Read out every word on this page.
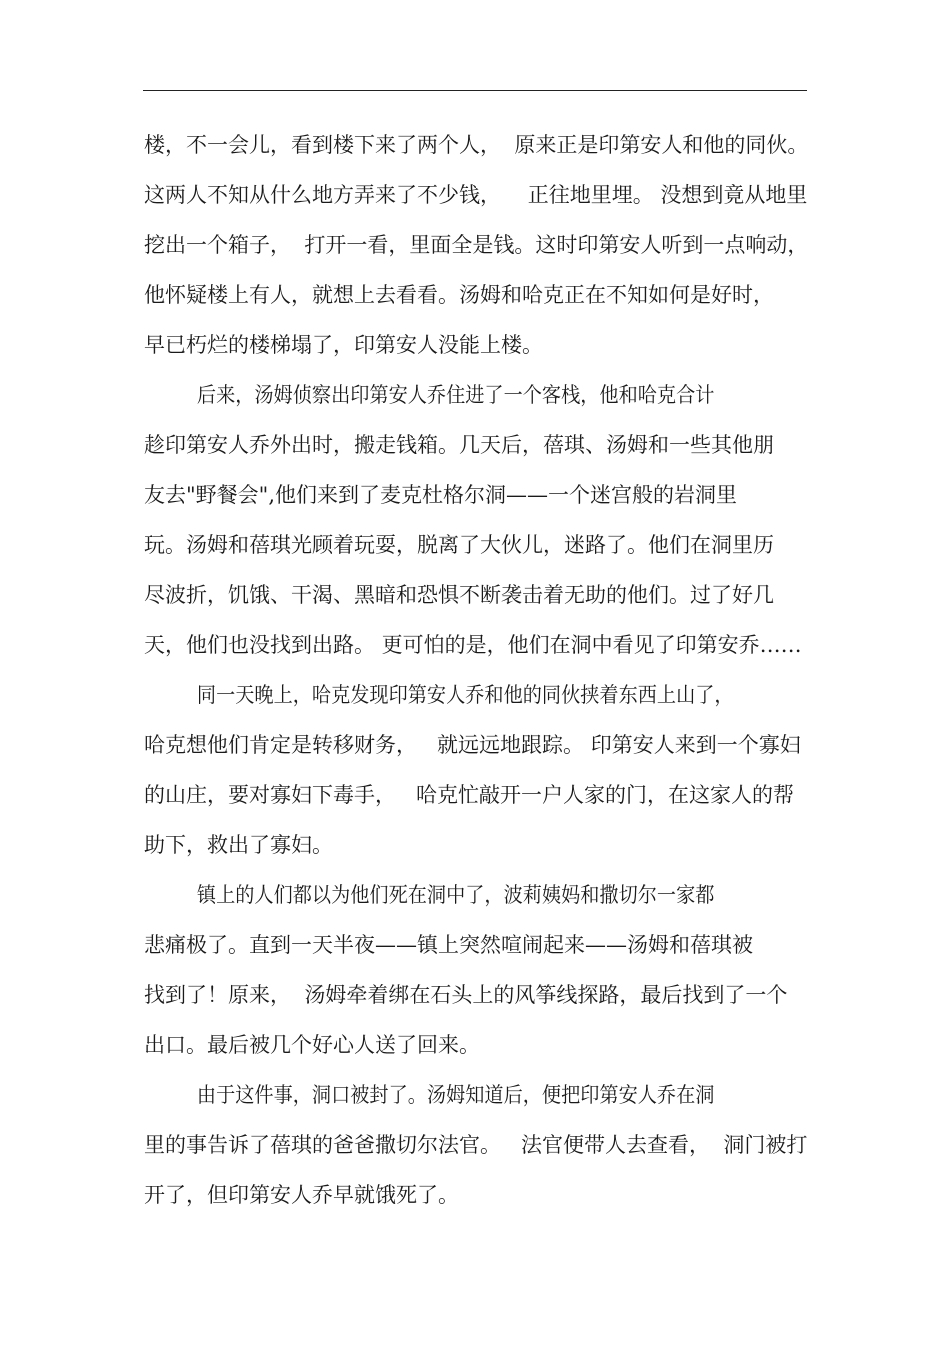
楼，不一会儿，看到楼下来了两个人，  原来正是印第安人和他的同伙。
这两人不知从什么地方弄来了不少钱，    正往地里埋。 没想到竟从地里
挖出一个箱子，  打开一看，里面全是钱。这时印第安人听到一点响动，
他怀疑楼上有人，就想上去看看。汤姆和哈克正在不知如何是好时，
早已朽烂的楼梯塌了，印第安人没能上楼。
后来，汤姆侦察出印第安人乔住进了一个客栈，他和哈克合计
趁印第安人乔外出时，搬走钱箱。几天后，蓓琪、汤姆和一些其他朋
友去"野餐会",他们来到了麦克杜格尔洞——一个迷宫般的岩洞里
玩。汤姆和蓓琪光顾着玩耍，脱离了大伙儿，迷路了。他们在洞里历
尽波折，饥饿、干渴、黑暗和恐惧不断袭击着无助的他们。过了好几
天，他们也没找到出路。 更可怕的是，他们在洞中看见了印第安乔……
同一天晚上，哈克发现印第安人乔和他的同伙挟着东西上山了，
哈克想他们肯定是转移财务，   就远远地跟踪。 印第安人来到一个寡妇
的山庄，要对寡妇下毒手，   哈克忙敲开一户人家的门，在这家人的帮
助下，救出了寡妇。
镇上的人们都以为他们死在洞中了，波莉姨妈和撒切尔一家都
悲痛极了。直到一天半夜——镇上突然喧闹起来——汤姆和蓓琪被
找到了！原来，  汤姆牵着绑在石头上的风筝线探路，最后找到了一个
出口。最后被几个好心人送了回来。
由于这件事，洞口被封了。汤姆知道后，便把印第安人乔在洞
里的事告诉了蓓琪的爸爸撒切尔法官。   法官便带人去查看，  洞门被打
开了，但印第安人乔早就饿死了。
